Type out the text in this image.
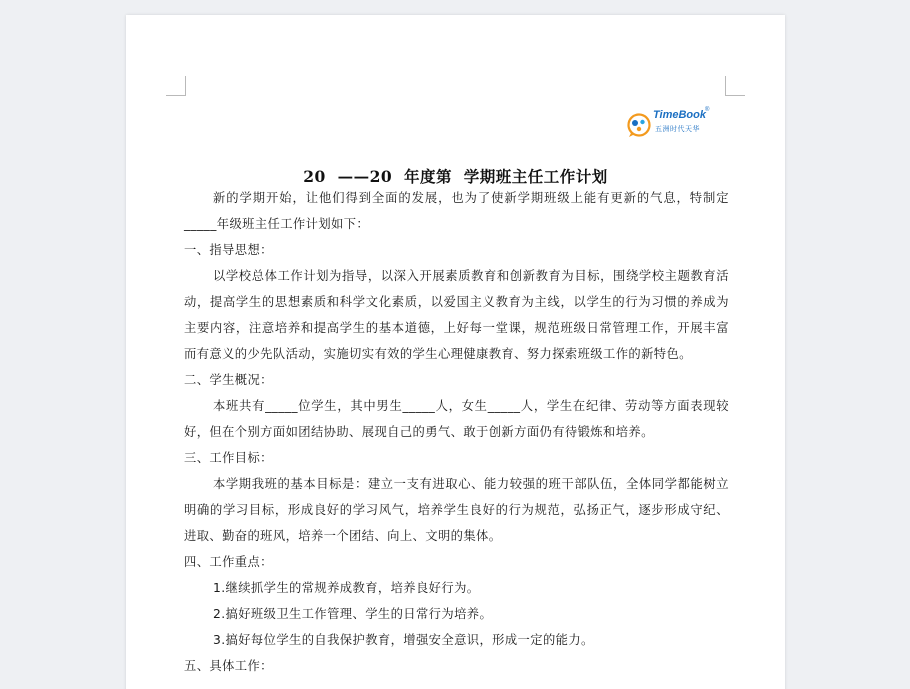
TimeBook ®
五洲时代天华
20  ——20  年度第  学期班主任工作计划

新的学期开始，让他们得到全面的发展，也为了使新学期班级上能有更新的气息，特制定_____年级班主任工作计划如下：

一、指导思想：

以学校总体工作计划为指导，以深入开展素质教育和创新教育为目标，围绕学校主题教育活动，提高学生的思想素质和科学文化素质，以爱国主义教育为主线，以学生的行为习惯的养成为主要内容，注意培养和提高学生的基本道德，上好每一堂课，规范班级日常管理工作，开展丰富而有意义的少先队活动，实施切实有效的学生心理健康教育、努力探索班级工作的新特色。

二、学生概况：

本班共有_____位学生，其中男生_____人，女生_____人，学生在纪律、劳动等方面表现较好，但在个别方面如团结协助、展现自己的勇气、敢于创新方面仍有待锻炼和培养。

三、工作目标：

本学期我班的基本目标是：建立一支有进取心、能力较强的班干部队伍，全体同学都能树立明确的学习目标，形成良好的学习风气，培养学生良好的行为规范，弘扬正气，逐步形成守纪、进取、勤奋的班风，培养一个团结、向上、文明的集体。

四、工作重点：

1.继续抓学生的常规养成教育，培养良好行为。

2.搞好班级卫生工作管理、学生的日常行为培养。

3.搞好每位学生的自我保护教育，增强安全意识，形成一定的能力。

五、具体工作：
